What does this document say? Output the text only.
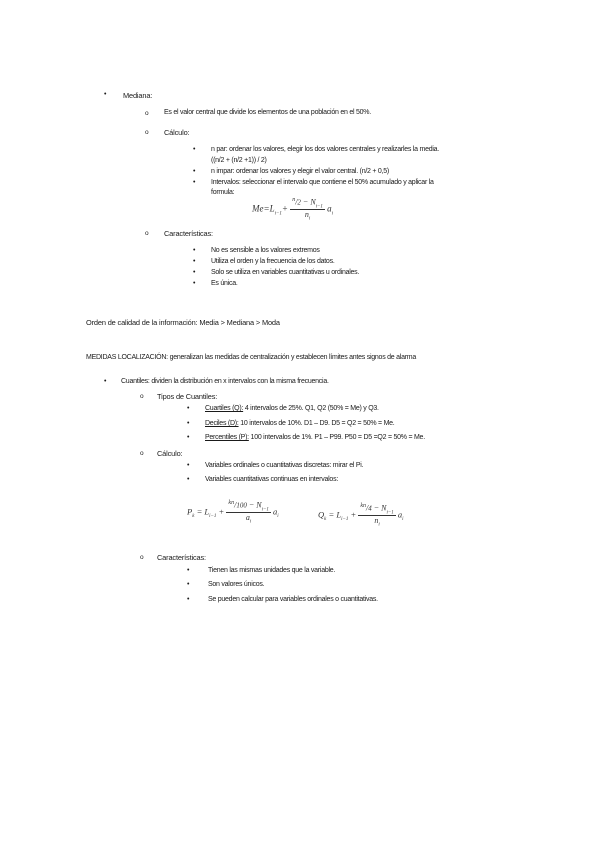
• Mediana:
o Es el valor central que divide los elementos de una población en el 50%.
o Cálculo:
• n par: ordenar los valores, elegir los dos valores centrales y realizarles la media.
((n/2 + (n/2 +1)) / 2)
• n impar: ordenar los valores y elegir el valor central. (n/2 + 0,5)
• Intervalos: seleccionar el intervalo que contiene el 50% acumulado y aplicar la
formula:
$Me=L_{i-1}+ \frac{^n/2 - N_{i-1}}{n_i} a_i$
o Características:
• No es sensible a los valores extremos
• Utiliza el orden y la frecuencia de los datos.
• Solo se utiliza en variables cuantitativas u ordinales.
• Es única.
Orden de calidad de la información: Media > Mediana > Moda
MEDIDAS LOCALIZACIÓN: generalizan las medidas de centralización y establecen límites antes signos de alarma
• Cuantiles: dividen la distribución en x intervalos con la misma frecuencia.
o Tipos de Cuantiles:
• Cuartiles (Q): 4 intervalos de 25%. Q1, Q2 (50% = Me) y Q3.
• Deciles (D): 10 intervalos de 10%. D1 – D9. D5 = Q2 = 50% = Me.
• Percentiles (P): 100 intervalos de 1%. P1 – P99. P50 = D5 =Q2 = 50% = Me.
o Cálculo:
• Variables ordinales o cuantitativas discretas: mirar el Pi.
• Variables cuantitativas continuas en intervalos:
$P_k = L_{i-1} + \frac{^{kn}/100 - N_{i-1}}{a_i} a_i$	$Q_k = L_{i-1} + \frac{^{kn}/4 - N_{i-1}}{n_i} a_i$
o Características:
•	Tienen las mismas unidades que la variable.
•	Son valores únicos.
•	Se pueden calcular para variables ordinales o cuantitativas.
